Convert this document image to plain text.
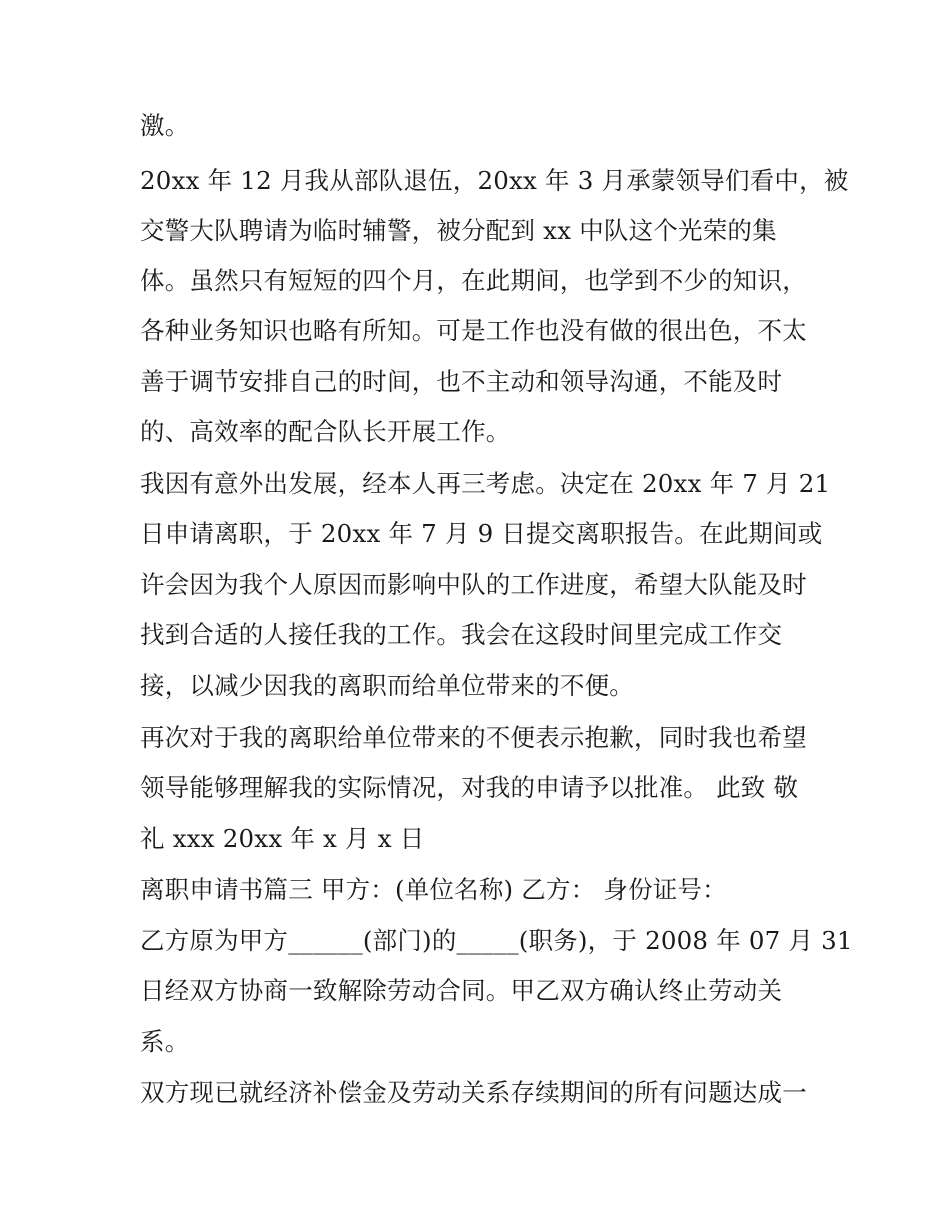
激。
20xx 年 12 月我从部队退伍，20xx 年 3 月承蒙领导们看中，被
交警大队聘请为临时辅警，被分配到 xx 中队这个光荣的集
体。虽然只有短短的四个月，在此期间，也学到不少的知识，
各种业务知识也略有所知。可是工作也没有做的很出色，不太
善于调节安排自己的时间，也不主动和领导沟通，不能及时
的、高效率的配合队长开展工作。
我因有意外出发展，经本人再三考虑。决定在 20xx 年 7 月 21
日申请离职，于 20xx 年 7 月 9 日提交离职报告。在此期间或
许会因为我个人原因而影响中队的工作进度，希望大队能及时
找到合适的人接任我的工作。我会在这段时间里完成工作交
接，以减少因我的离职而给单位带来的不便。
再次对于我的离职给单位带来的不便表示抱歉，同时我也希望
领导能够理解我的实际情况，对我的申请予以批准。 此致 敬
礼 xxx 20xx 年 x 月 x 日
离职申请书篇三 甲方：(单位名称) 乙方： 身份证号：
乙方原为甲方______(部门)的_____(职务)，于 2008 年 07 月 31
日经双方协商一致解除劳动合同。甲乙双方确认终止劳动关
系。
双方现已就经济补偿金及劳动关系存续期间的所有问题达成一
